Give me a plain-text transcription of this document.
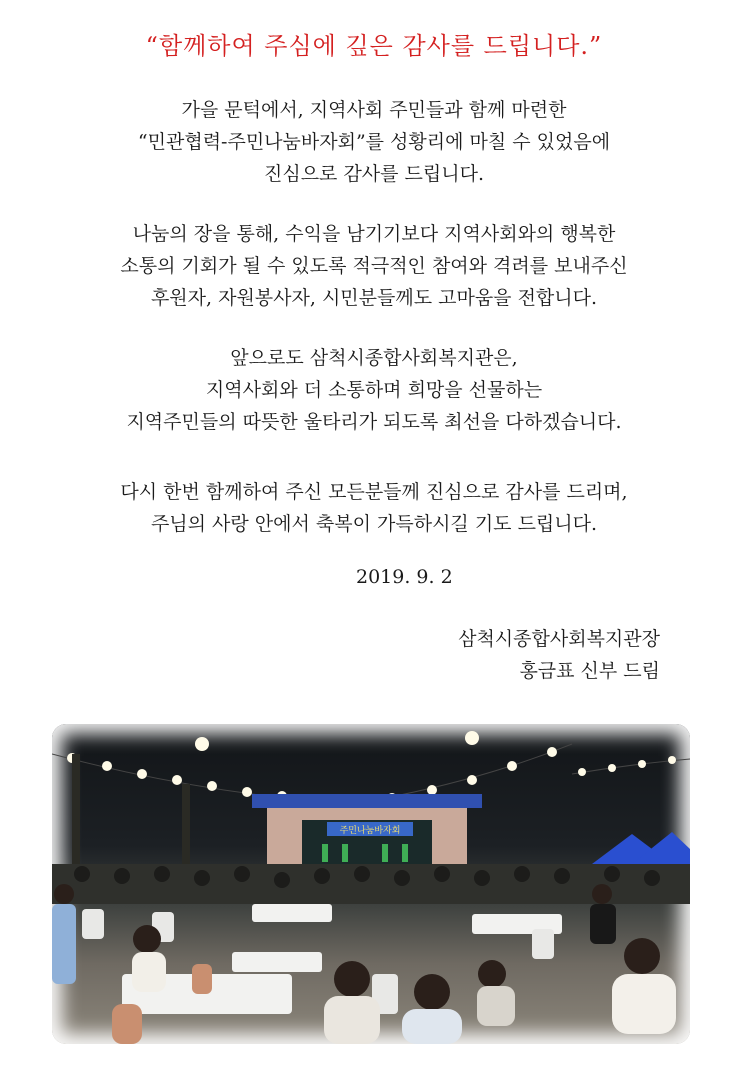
“함께하여 주심에 깊은 감사를 드립니다.”
가을 문턱에서, 지역사회 주민들과 함께 마련한
“민관협력-주민나눔바자회”를 성황리에 마칠 수 있었음에
진심으로 감사를 드립니다.
나눔의 장을 통해, 수익을 남기기보다 지역사회와의 행복한
소통의 기회가 될 수 있도록 적극적인 참여와 격려를 보내주신
후원자, 자원봉사자, 시민분들께도 고마움을 전합니다.
앞으로도 삼척시종합사회복지관은,
지역사회와 더 소통하며 희망을 선물하는
지역주민들의 따뜻한 울타리가 되도록 최선을 다하겠습니다.
다시 한번 함께하여 주신 모든분들께 진심으로 감사를 드리며,
주님의 사랑 안에서 축복이 가득하시길 기도 드립니다.
2019. 9. 2
삼척시종합사회복지관장
홍금표 신부 드림
주민나눔바자회
